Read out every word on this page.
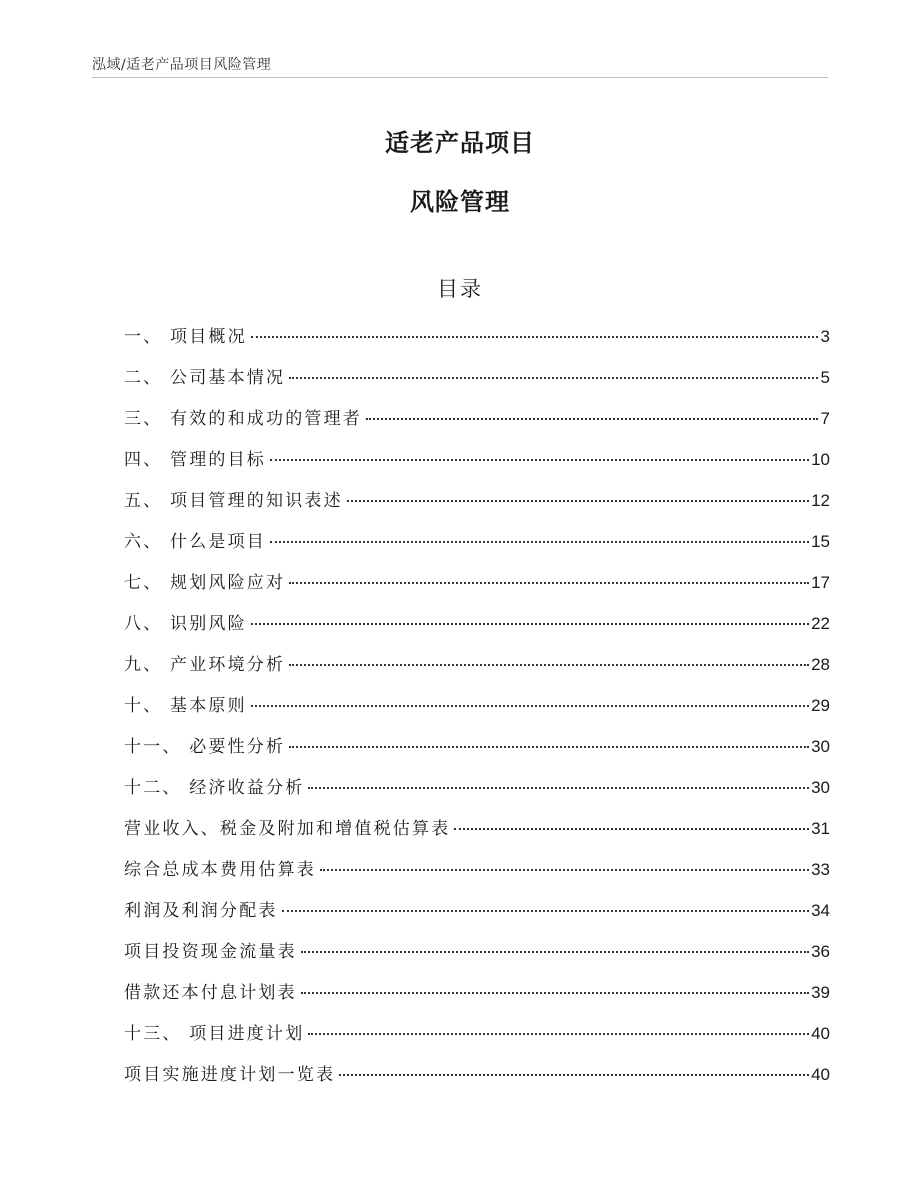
泓域/适老产品项目风险管理
适老产品项目
风险管理
目录
一、 项目概况	3
二、 公司基本情况	5
三、 有效的和成功的管理者	7
四、 管理的目标	10
五、 项目管理的知识表述	12
六、 什么是项目	15
七、 规划风险应对	17
八、 识别风险	22
九、 产业环境分析	28
十、 基本原则	29
十一、 必要性分析	30
十二、 经济收益分析	30
营业收入、税金及附加和增值税估算表	31
综合总成本费用估算表	33
利润及利润分配表	34
项目投资现金流量表	36
借款还本付息计划表	39
十三、 项目进度计划	40
项目实施进度计划一览表	40
